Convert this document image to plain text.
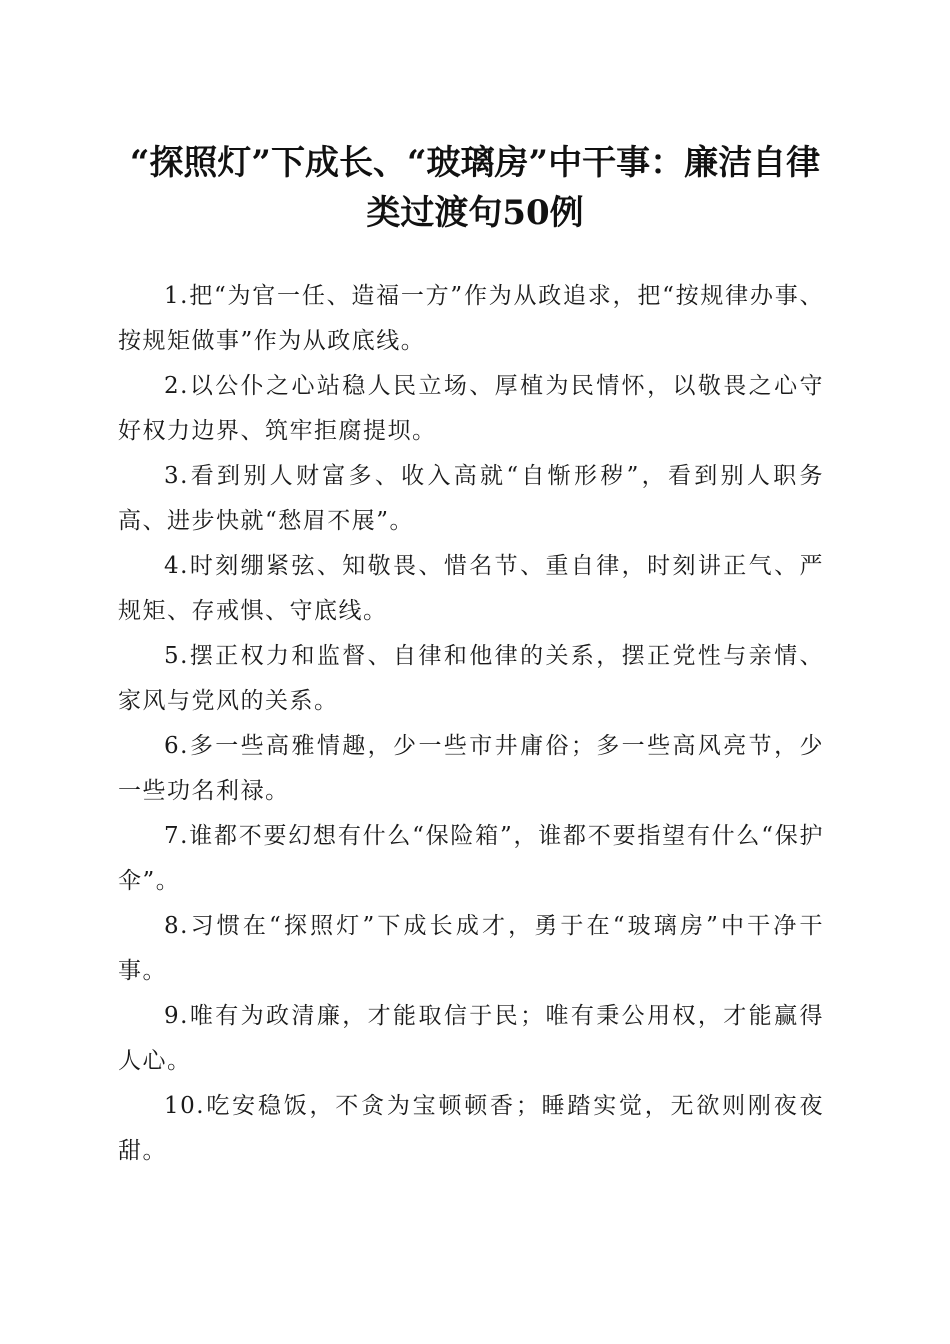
“探照灯”下成长、“玻璃房”中干事：廉洁自律类过渡句50例

1.把“为官一任、造福一方”作为从政追求，把“按规律办事、按规矩做事”作为从政底线。

2.以公仆之心站稳人民立场、厚植为民情怀，以敬畏之心守好权力边界、筑牢拒腐提坝。

3.看到别人财富多、收入高就“自惭形秽”，看到别人职务高、进步快就“愁眉不展”。

4.时刻绷紧弦、知敬畏、惜名节、重自律，时刻讲正气、严规矩、存戒惧、守底线。

5.摆正权力和监督、自律和他律的关系，摆正党性与亲情、家风与党风的关系。

6.多一些高雅情趣，少一些市井庸俗；多一些高风亮节，少一些功名利禄。

7.谁都不要幻想有什么“保险箱”，谁都不要指望有什么“保护伞”。

8.习惯在“探照灯”下成长成才，勇于在“玻璃房”中干净干事。

9.唯有为政清廉，才能取信于民；唯有秉公用权，才能赢得人心。

10.吃安稳饭，不贪为宝顿顿香；睡踏实觉，无欲则刚夜夜甜。
